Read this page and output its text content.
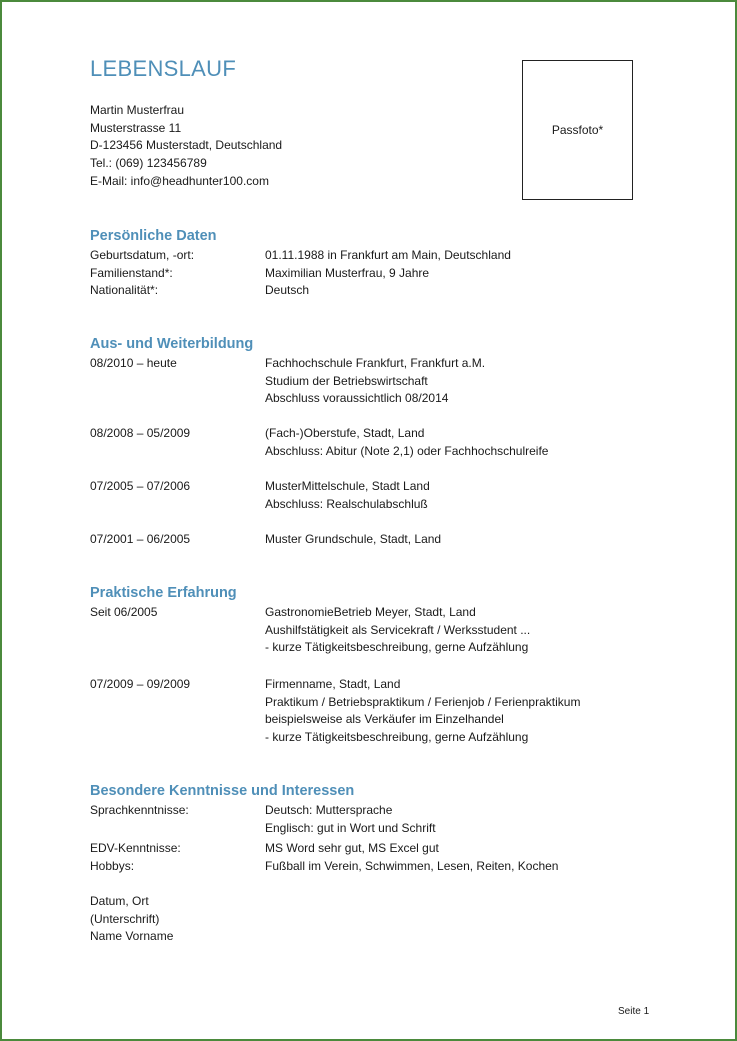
LEBENSLAUF
Martin Musterfrau
Musterstrasse 11
D-123456 Musterstadt, Deutschland
Tel.: (069) 123456789
E-Mail: info@headhunter100.com
Passfoto*
Persönliche Daten
Geburtsdatum, -ort:	01.11.1988 in Frankfurt am Main, Deutschland
Familienstand*:	Maximilian Musterfrau, 9 Jahre
Nationalität*:	Deutsch
Aus- und Weiterbildung
08/2010 – heute	Fachhochschule Frankfurt, Frankfurt a.M.
Studium der Betriebswirtschaft
Abschluss voraussichtlich 08/2014
08/2008 – 05/2009	(Fach-)Oberstufe, Stadt, Land
Abschluss: Abitur (Note 2,1) oder Fachhochschulreife
07/2005 – 07/2006	MusterMittelschule, Stadt Land
Abschluss: Realschulabschluß
07/2001 – 06/2005	Muster Grundschule, Stadt, Land
Praktische Erfahrung
Seit 06/2005	GastronomieBetrieb Meyer, Stadt, Land
Aushilfstätigkeit als Servicekraft / Werksstudent ...
- kurze Tätigkeitsbeschreibung, gerne Aufzählung
07/2009 – 09/2009	Firmenname, Stadt, Land
Praktikum / Betriebspraktikum / Ferienjob / Ferienpraktikum
beispielsweise als Verkäufer im Einzelhandel
- kurze Tätigkeitsbeschreibung, gerne Aufzählung
Besondere Kenntnisse und Interessen
Sprachkenntnisse:	Deutsch: Muttersprache
Englisch: gut in Wort und Schrift
EDV-Kenntnisse:	MS Word sehr gut, MS Excel gut
Hobbys:	Fußball im Verein, Schwimmen, Lesen, Reiten, Kochen
Datum, Ort
(Unterschrift)
Name Vorname
Seite 1
